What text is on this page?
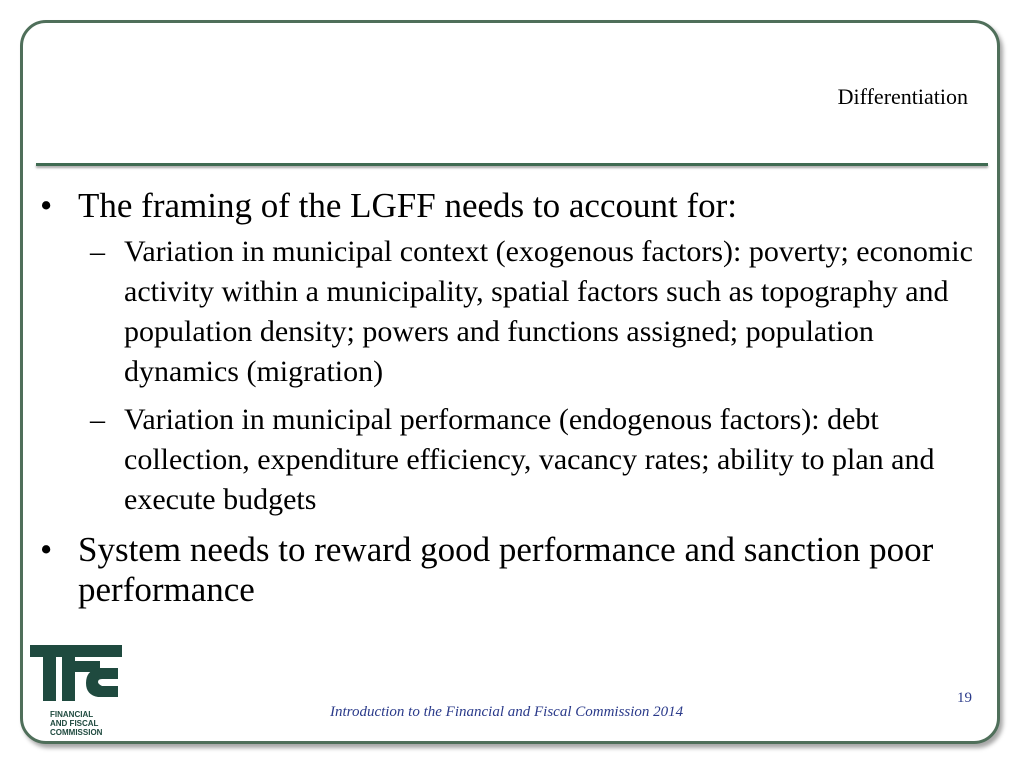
Differentiation
• The framing of the LGFF needs to account for:
– Variation in municipal context (exogenous factors): poverty; economic activity within a municipality, spatial factors such as topography and population density; powers and functions assigned; population dynamics (migration)
– Variation in municipal performance (endogenous factors): debt collection, expenditure efficiency, vacancy rates; ability to plan and execute budgets
• System needs to reward good performance and sanction poor performance
FINANCIAL
AND FISCAL
COMMISSION
Introduction to the Financial and Fiscal Commission 2014
19
